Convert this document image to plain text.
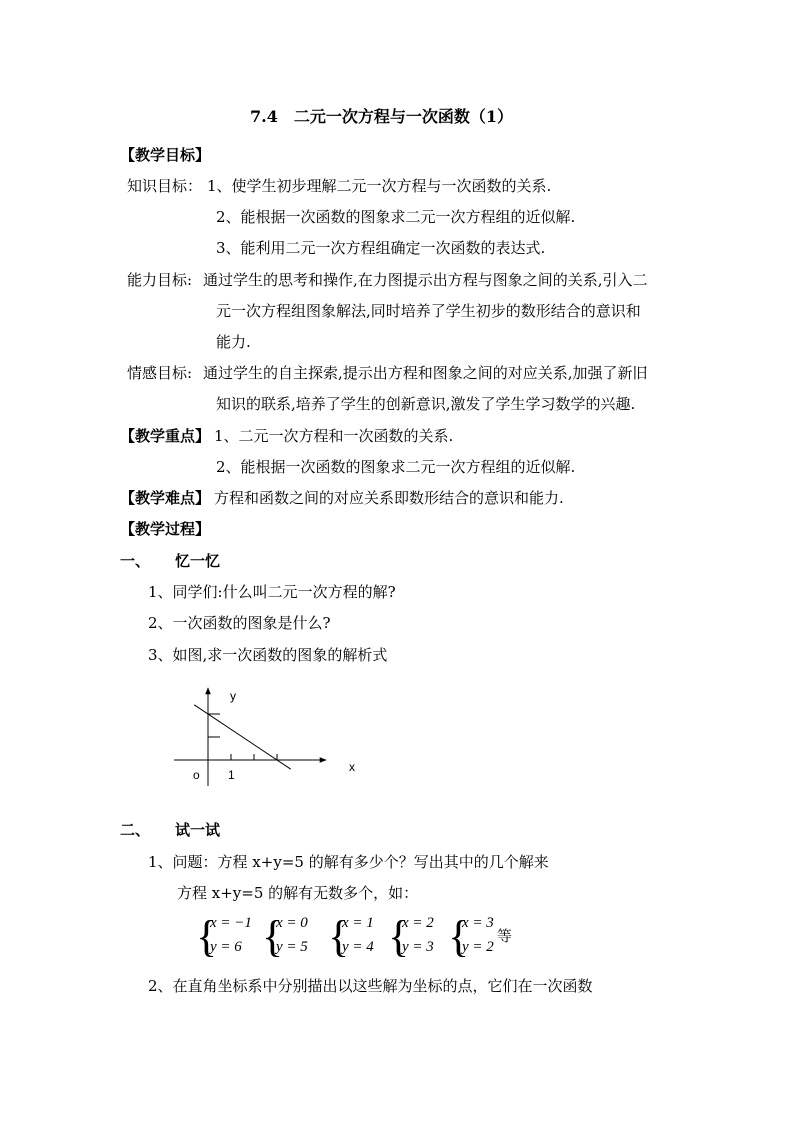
7.4　二元一次方程与一次函数（1）
【教学目标】
知识目标： 1、使学生初步理解二元一次方程与一次函数的关系.
2、能根据一次函数的图象求二元一次方程组的近似解.
3、能利用二元一次方程组确定一次函数的表达式.
能力目标: 通过学生的思考和操作,在力图提示出方程与图象之间的关系,引入二
元一次方程组图象解法,同时培养了学生初步的数形结合的意识和
能力.
情感目标: 通过学生的自主探索,提示出方程和图象之间的对应关系,加强了新旧
知识的联系,培养了学生的创新意识,激发了学生学习数学的兴趣.
【教学重点】 1、二元一次方程和一次函数的关系.
2、能根据一次函数的图象求二元一次方程组的近似解.
【教学难点】 方程和函数之间的对应关系即数形结合的意识和能力.
【教学过程】
一、 忆一忆
1、同学们:什么叫二元一次方程的解?
2、一次函数的图象是什么?
3、如图,求一次函数的图象的解析式
y
x
o 1
二、 试一试
1、问题：方程 x+y=5 的解有多少个？写出其中的几个解来
方程 x+y=5 的解有无数多个，如：
{
x = −1
y = 6 {
x = 0
y = 5 {
x = 1
y = 4 {
x = 2
y = 3 {
x = 3
y = 2
等
2、在直角坐标系中分别描出以这些解为坐标的点，它们在一次函数
